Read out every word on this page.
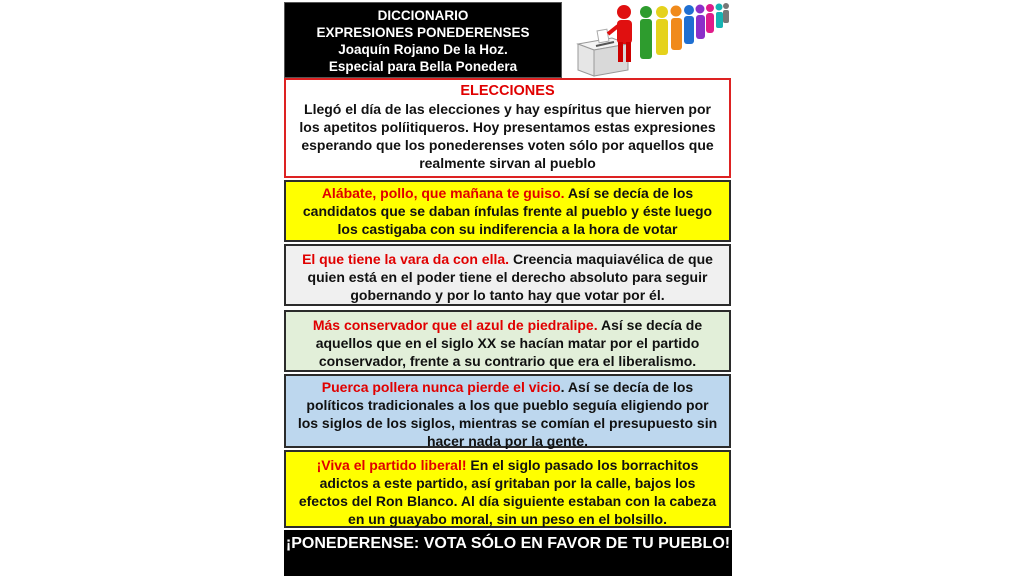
DICCIONARIO
EXPRESIONES PONEDERENSES
Joaquín Rojano De la Hoz.
Especial para Bella Ponedera
ELECCIONES
Llegó el día de las elecciones y hay espíritus que hierven por los apetitos políitiqueros. Hoy presentamos estas expresiones esperando que los ponederenses voten sólo por aquellos que realmente sirvan al pueblo
Alábate, pollo, que mañana te guiso. Así se decía de los candidatos que se daban ínfulas frente al pueblo y éste luego los castigaba con su indiferencia a la hora de votar
El que tiene la vara da con ella. Creencia maquiavélica de que quien está en el poder tiene el derecho absoluto para seguir gobernando y por lo tanto hay que votar por él.
Más conservador que el azul de piedralipe. Así se decía de aquellos que en el siglo XX se hacían matar por el partido conservador, frente a su contrario que era el liberalismo.
Puerca pollera nunca pierde el vicio. Así se decía de los políticos tradicionales a los que pueblo seguía eligiendo por los siglos de los siglos, mientras se comían el presupuesto sin hacer nada por la gente.
¡Viva el partido liberal! En el siglo pasado los borrachitos adictos a este partido, así gritaban por la calle, bajos los efectos del Ron Blanco. Al día siguiente estaban con la cabeza en un guayabo moral, sin un peso en el bolsillo.
¡PONEDERENSE: VOTA SÓLO EN FAVOR DE TU PUEBLO!
